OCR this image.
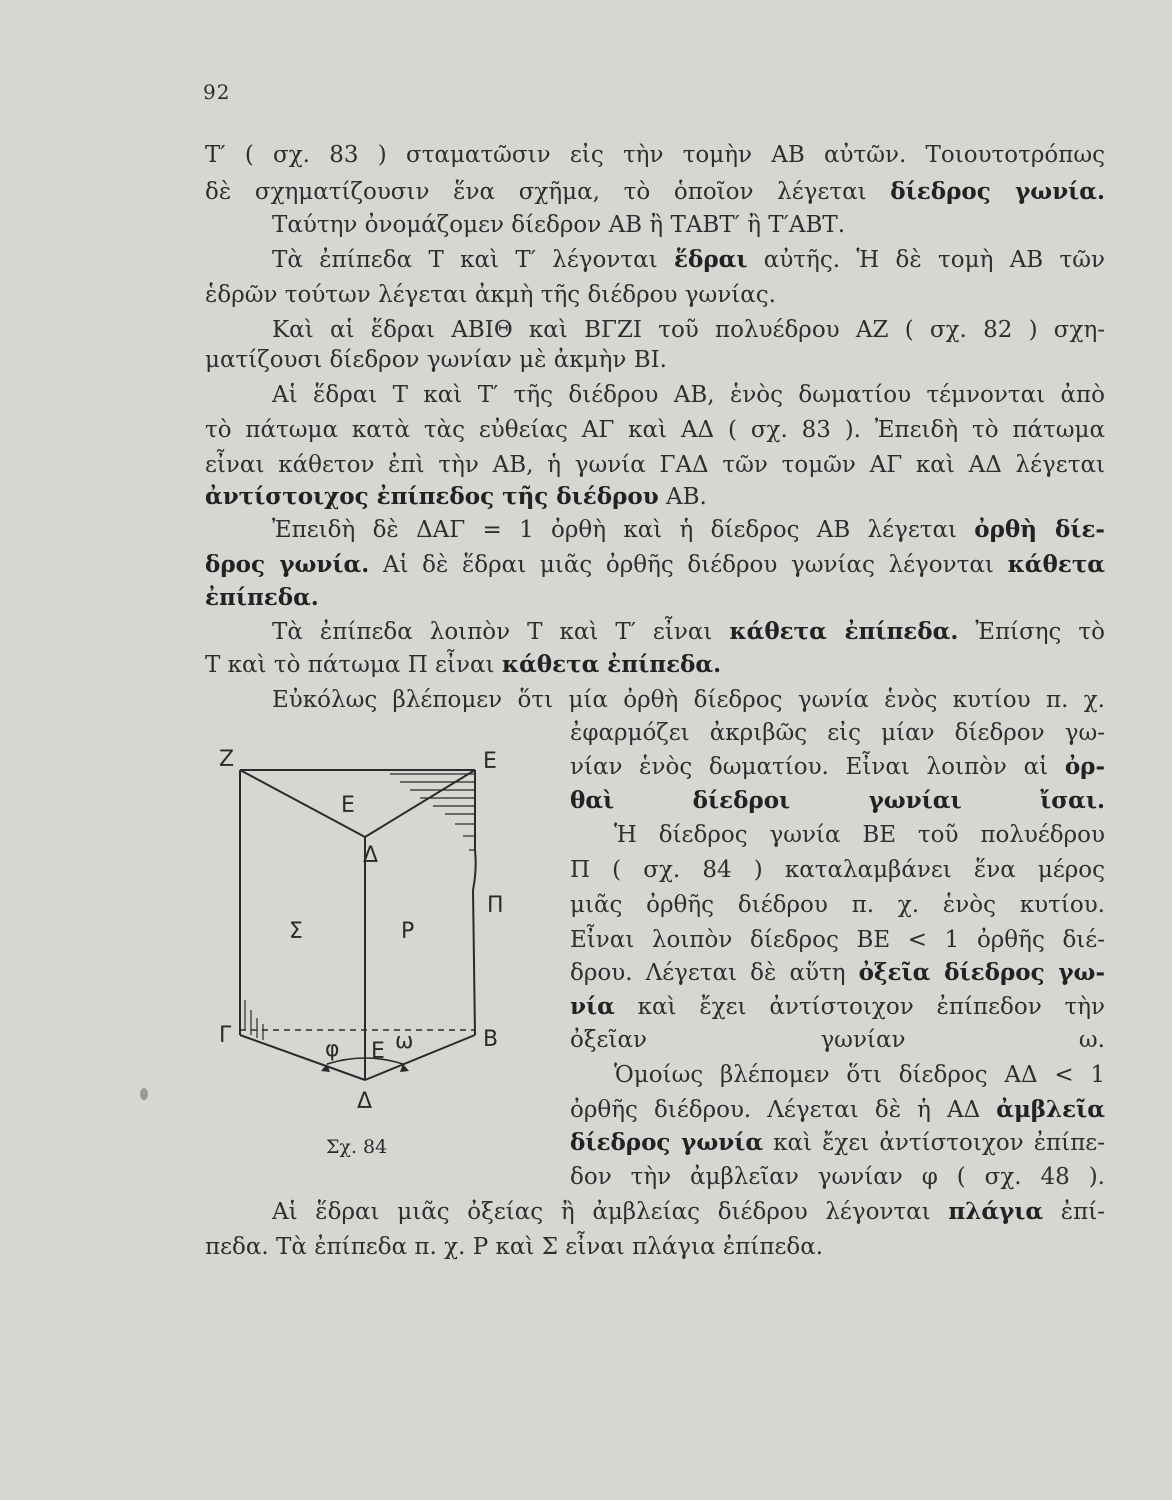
92
T′ ( σχ. 83 ) σταματῶσιν εἰς τὴν τομὴν ΑΒ αὐτῶν. Τοιουτοτρόπως
δὲ σχηματίζουσιν ἕνα σχῆμα, τὸ ὁποῖον λέγεται δίεδρος γωνία.
Ταύτην ὀνομάζομεν δίεδρον ΑΒ ἢ ΤΑΒΤ′ ἢ Τ′ΑΒΤ.
Τὰ ἐπίπεδα Τ καὶ Τ′ λέγονται ἕδραι αὐτῆς. Ἡ δὲ τομὴ ΑΒ τῶν
ἑδρῶν τούτων λέγεται ἀκμὴ τῆς διέδρου γωνίας.
Καὶ αἱ ἕδραι ΑΒΙΘ καὶ ΒΓΖΙ τοῦ πολυέδρου ΑΖ ( σχ. 82 ) σχη-
ματίζουσι δίεδρον γωνίαν μὲ ἀκμὴν ΒΙ.
Αἱ ἕδραι Τ καὶ Τ′ τῆς διέδρου ΑΒ, ἑνὸς δωματίου τέμνονται ἀπὸ
τὸ πάτωμα κατὰ τὰς εὐθείας ΑΓ καὶ ΑΔ ( σχ. 83 ). Ἐπειδὴ τὸ πάτωμα
εἶναι κάθετον ἐπὶ τὴν ΑΒ, ἡ γωνία ΓΑΔ τῶν τομῶν ΑΓ καὶ ΑΔ λέγεται
ἀντίστοιχος ἐπίπεδος τῆς διέδρου ΑΒ.
Ἐπειδὴ δὲ ΔΑΓ = 1 ὀρθὴ καὶ ἡ δίεδρος ΑΒ λέγεται ὀρθὴ δίε-
δρος γωνία. Αἱ δὲ ἕδραι μιᾶς ὀρθῆς διέδρου γωνίας λέγονται κάθετα
ἐπίπεδα.
Τὰ ἐπίπεδα λοιπὸν Τ καὶ Τ′ εἶναι κάθετα ἐπίπεδα. Ἐπίσης τὸ
Τ καὶ τὸ πάτωμα Π εἶναι κάθετα ἐπίπεδα.
Εὐκόλως βλέπομεν ὅτι μία ὀρθὴ δίεδρος γωνία ἑνὸς κυτίου π. χ.
ἐφαρμόζει ἀκριβῶς εἰς μίαν δίεδρον γω-
νίαν ἑνὸς δωματίου. Εἶναι λοιπὸν αἱ ὀρ-
θαὶ δίεδροι γωνίαι ἴσαι.
Ἡ δίεδρος γωνία ΒΕ τοῦ πολυέδρου
Π ( σχ. 84 ) καταλαμβάνει ἕνα μέρος
μιᾶς ὀρθῆς διέδρου π. χ. ἑνὸς κυτίου.
Εἶναι λοιπὸν δίεδρος ΒΕ < 1 ὀρθῆς διέ-
δρου. Λέγεται δὲ αὕτη ὀξεῖα δίεδρος γω-
νία καὶ ἔχει ἀντίστοιχον ἐπίπεδον τὴν
ὀξεῖαν γωνίαν ω.
Ὁμοίως βλέπομεν ὅτι δίεδρος ΑΔ < 1
ὀρθῆς διέδρου. Λέγεται δὲ ἡ ΑΔ ἀμβλεῖα
δίεδρος γωνία καὶ ἔχει ἀντίστοιχον ἐπίπε-
δον τὴν ἀμβλεῖαν γωνίαν φ ( σχ. 48 ).
Αἱ ἕδραι μιᾶς ὀξείας ἢ ἀμβλείας διέδρου λέγονται πλάγια ἐπί-
πεδα. Τὰ ἐπίπεδα π. χ. Ρ καὶ Σ εἶναι πλάγια ἐπίπεδα.
Ζ	Ε
Ε
Δ
Π
Σ	Ρ
Γ	Β
φ Ε ω
Δ
Σχ. 84
